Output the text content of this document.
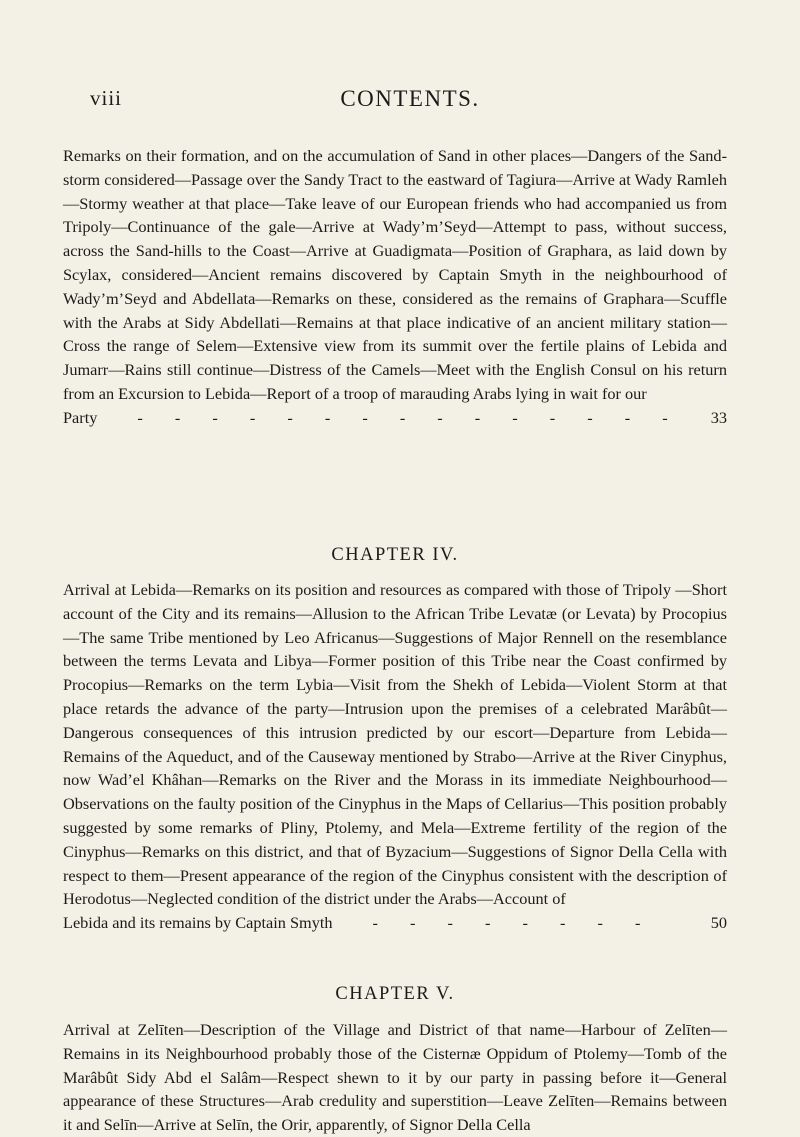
viii	CONTENTS.

Remarks on their formation, and on the accumulation of Sand in other places—Dangers of the Sand-storm considered—Passage over the Sandy Tract to the eastward of Tagiura—Arrive at Wady Ramleh—Stormy weather at that place—Take leave of our European friends who had accompanied us from Tripoly—Continuance of the gale—Arrive at Wady’m’Seyd—Attempt to pass, without success, across the Sand-hills to the Coast—Arrive at Guadigmata—Position of Graphara, as laid down by Scylax, considered—Ancient remains discovered by Captain Smyth in the neighbourhood of Wady’m’Seyd and Abdellata—Remarks on these, considered as the remains of Graphara—Scuffle with the Arabs at Sidy Abdellati—Remains at that place indicative of an ancient military station—Cross the range of Selem—Extensive view from its summit over the fertile plains of Lebida and Jumarr—Rains still continue—Distress of the Camels—Meet with the English Consul on his return from an Excursion to Lebida—Report of a troop of marauding Arabs lying in wait for our

Party	- - - - - - - - - - - - - - -	33
CHAPTER IV.

Arrival at Lebida—Remarks on its position and resources as compared with those of Tripoly —Short account of the City and its remains—Allusion to the African Tribe Levatæ (or Levata) by Procopius—The same Tribe mentioned by Leo Africanus—Suggestions of Major Rennell on the resemblance between the terms Levata and Libya—Former position of this Tribe near the Coast confirmed by Procopius—Remarks on the term Lybia—Visit from the Shekh of Lebida—Violent Storm at that place retards the advance of the party—Intrusion upon the premises of a celebrated Marâbût—Dangerous consequences of this intrusion predicted by our escort—Departure from Lebida—Remains of the Aqueduct, and of the Causeway mentioned by Strabo—Arrive at the River Cinyphus, now Wad’el Khâhan—Remarks on the River and the Morass in its immediate Neighbourhood—Observations on the faulty position of the Cinyphus in the Maps of Cellarius—This position probably suggested by some remarks of Pliny, Ptolemy, and Mela—Extreme fertility of the region of the Cinyphus—Remarks on this district, and that of Byzacium—Suggestions of Signor Della Cella with respect to them—Present appearance of the region of the Cinyphus consistent with the description of Herodotus—Neglected condition of the district under the Arabs—Account of

Lebida and its remains by Captain Smyth	- - - - - - - -	50
CHAPTER V.

Arrival at Zelīten—Description of the Village and District of that name—Harbour of Zelīten—Remains in its Neighbourhood probably those of the Cisternæ Oppidum of Ptolemy—Tomb of the Marâbût Sidy Abd el Salâm—Respect shewn to it by our party in passing before it—General appearance of these Structures—Arab credulity and superstition—Leave Zelīten—Remains between it and Selīn—Arrive at Selīn, the Orir, apparently, of Signor Della Cella
